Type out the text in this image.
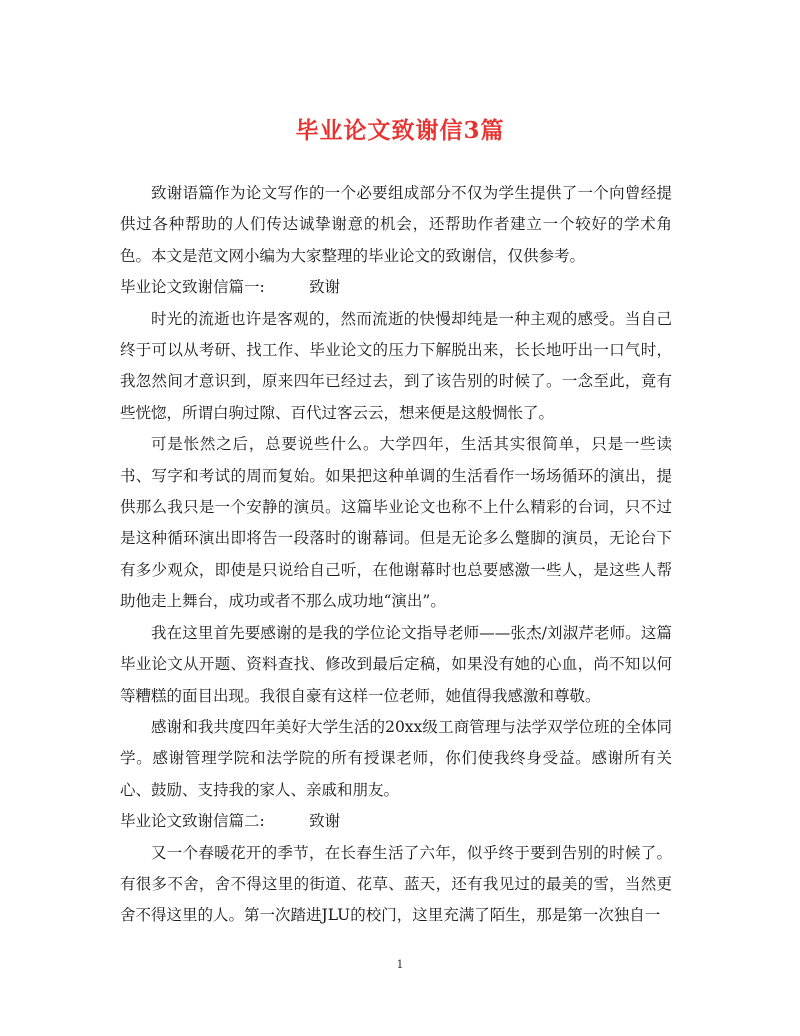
毕业论文致谢信3篇

致谢语篇作为论文写作的一个必要组成部分不仅为学生提供了一个向曾经提供过各种帮助的人们传达诚挚谢意的机会，还帮助作者建立一个较好的学术角色。本文是范文网小编为大家整理的毕业论文的致谢信，仅供参考。

毕业论文致谢信篇一:         致谢

时光的流逝也许是客观的，然而流逝的快慢却纯是一种主观的感受。当自己终于可以从考研、找工作、毕业论文的压力下解脱出来，长长地吁出一口气时，我忽然间才意识到，原来四年已经过去，到了该告别的时候了。一念至此，竟有些恍惚，所谓白驹过隙、百代过客云云，想来便是这般惆怅了。

可是怅然之后，总要说些什么。大学四年，生活其实很简单，只是一些读书、写字和考试的周而复始。如果把这种单调的生活看作一场场循环的演出，提供那么我只是一个安静的演员。这篇毕业论文也称不上什么精彩的台词，只不过是这种循环演出即将告一段落时的谢幕词。但是无论多么蹩脚的演员，无论台下有多少观众，即使是只说给自己听，在他谢幕时也总要感激一些人，是这些人帮助他走上舞台，成功或者不那么成功地“演出”。

我在这里首先要感谢的是我的学位论文指导老师——张杰/刘淑芹老师。这篇毕业论文从开题、资料查找、修改到最后定稿，如果没有她的心血，尚不知以何等糟糕的面目出现。我很自豪有这样一位老师，她值得我感激和尊敬。

感谢和我共度四年美好大学生活的20xx级工商管理与法学双学位班的全体同学。感谢管理学院和法学院的所有授课老师，你们使我终身受益。感谢所有关心、鼓励、支持我的家人、亲戚和朋友。

毕业论文致谢信篇二:         致谢

又一个春暖花开的季节，在长春生活了六年，似乎终于要到告别的时候了。有很多不舍，舍不得这里的街道、花草、蓝天，还有我见过的最美的雪，当然更舍不得这里的人。第一次踏进JLU的校门，这里充满了陌生，那是第一次独自一

1
